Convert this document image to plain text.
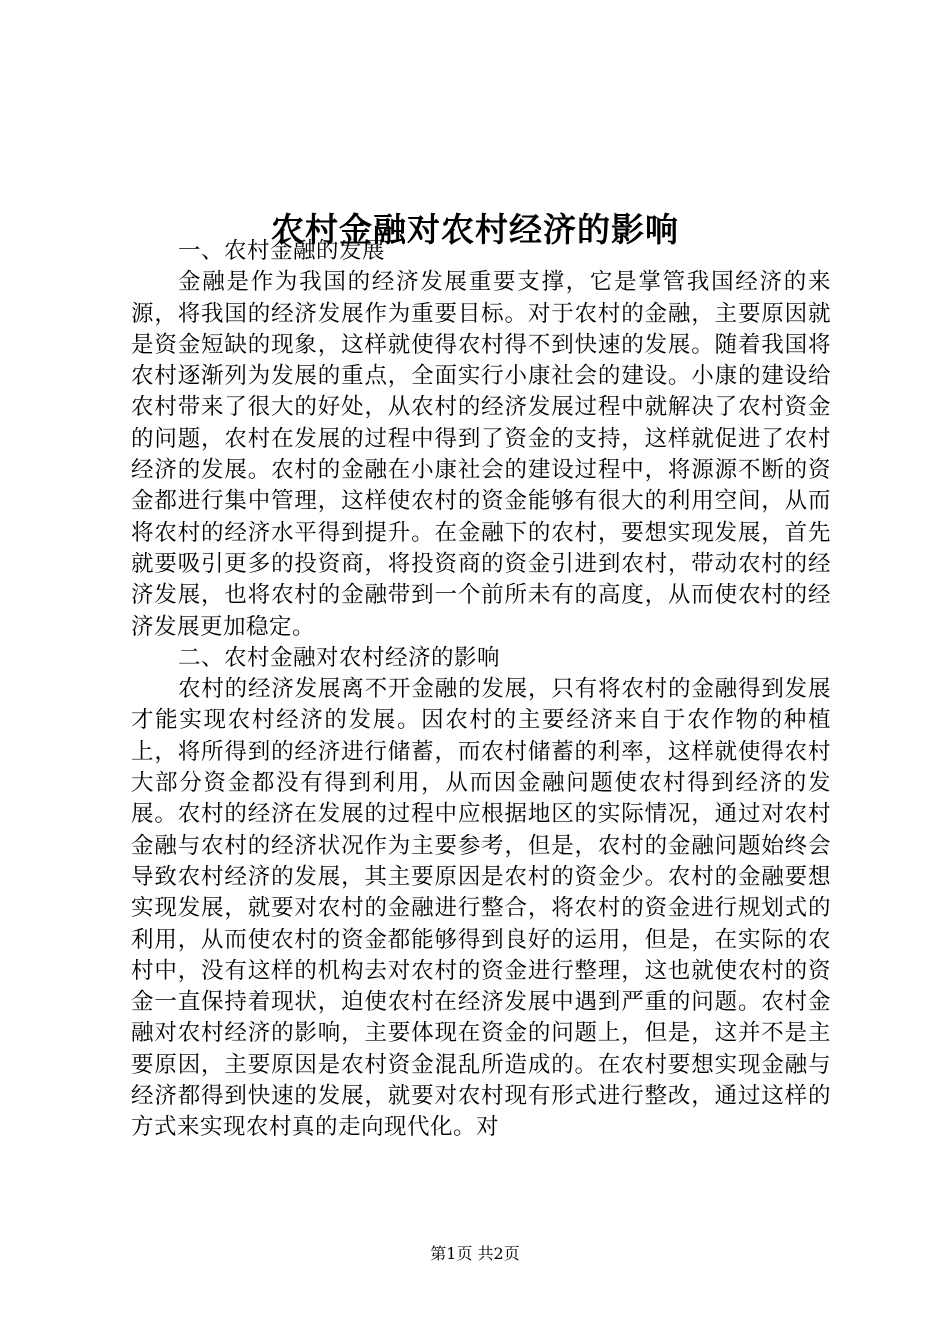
农村金融对农村经济的影响
一、农村金融的发展

金融是作为我国的经济发展重要支撑，它是掌管我国经济的来源，将我国的经济发展作为重要目标。对于农村的金融，主要原因就是资金短缺的现象，这样就使得农村得不到快速的发展。随着我国将农村逐渐列为发展的重点，全面实行小康社会的建设。小康的建设给农村带来了很大的好处，从农村的经济发展过程中就解决了农村资金的问题，农村在发展的过程中得到了资金的支持，这样就促进了农村经济的发展。农村的金融在小康社会的建设过程中，将源源不断的资金都进行集中管理，这样使农村的资金能够有很大的利用空间，从而将农村的经济水平得到提升。在金融下的农村，要想实现发展，首先就要吸引更多的投资商，将投资商的资金引进到农村，带动农村的经济发展，也将农村的金融带到一个前所未有的高度，从而使农村的经济发展更加稳定。

二、农村金融对农村经济的影响

农村的经济发展离不开金融的发展，只有将农村的金融得到发展才能实现农村经济的发展。因农村的主要经济来自于农作物的种植上，将所得到的经济进行储蓄，而农村储蓄的利率，这样就使得农村大部分资金都没有得到利用，从而因金融问题使农村得到经济的发展。农村的经济在发展的过程中应根据地区的实际情况，通过对农村金融与农村的经济状况作为主要参考，但是，农村的金融问题始终会导致农村经济的发展，其主要原因是农村的资金少。农村的金融要想实现发展，就要对农村的金融进行整合，将农村的资金进行规划式的利用，从而使农村的资金都能够得到良好的运用，但是，在实际的农村中，没有这样的机构去对农村的资金进行整理，这也就使农村的资金一直保持着现状，迫使农村在经济发展中遇到严重的问题。农村金融对农村经济的影响，主要体现在资金的问题上，但是，这并不是主要原因，主要原因是农村资金混乱所造成的。在农村要想实现金融与经济都得到快速的发展，就要对农村现有形式进行整改，通过这样的方式来实现农村真的走向现代化。对

第1页 共2页
